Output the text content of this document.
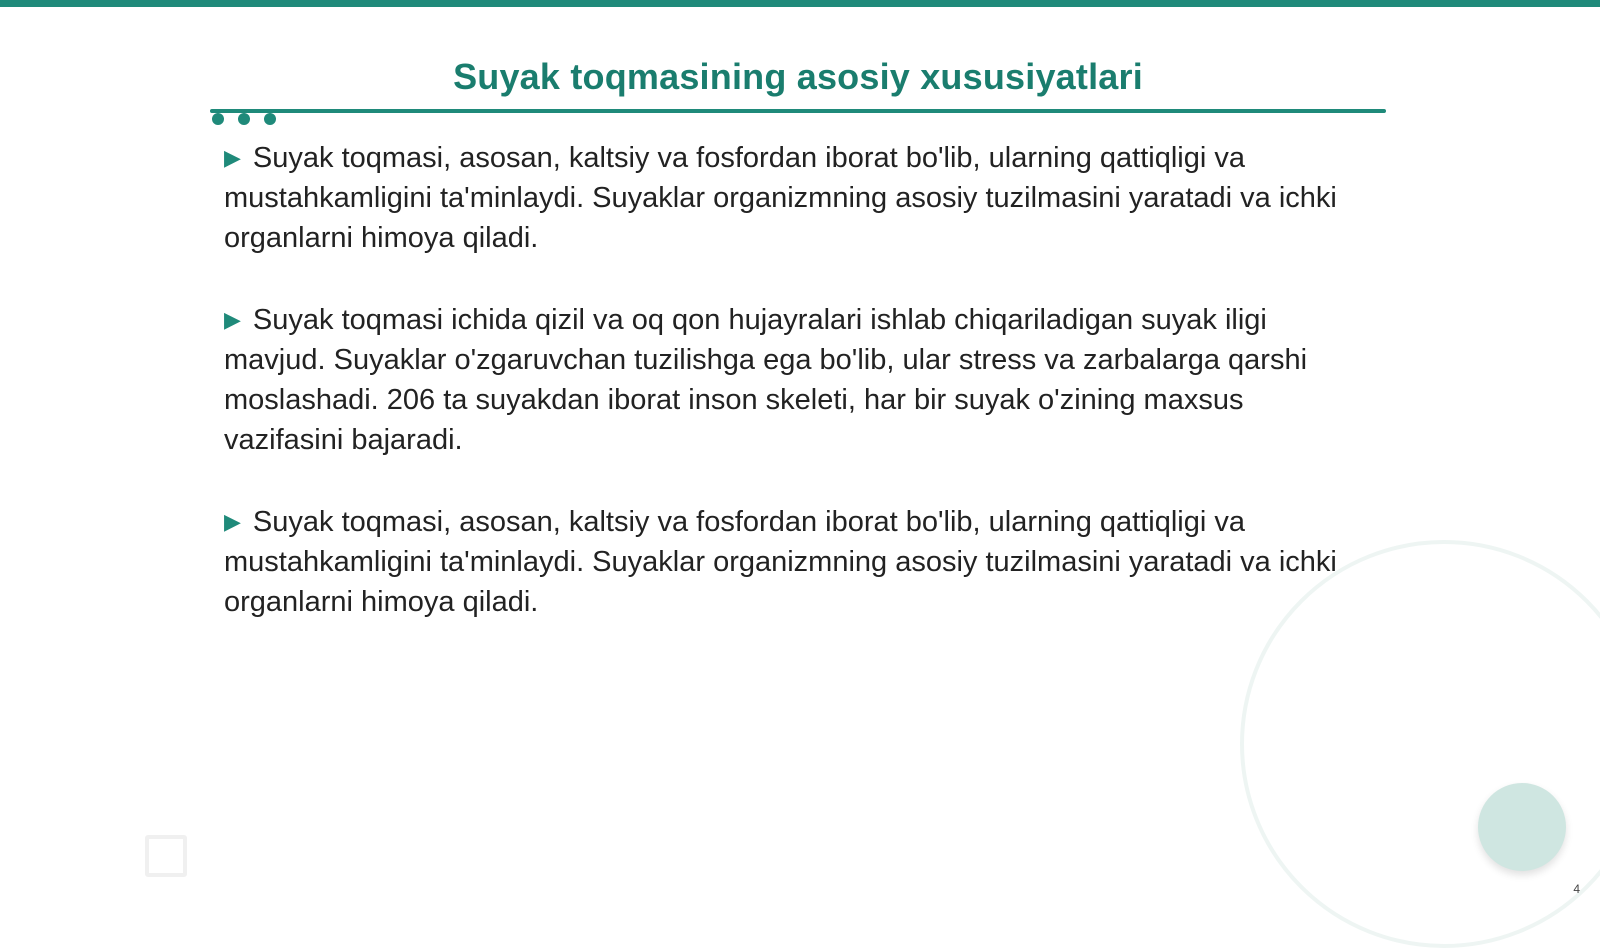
Suyak toqmasining asosiy xususiyatlari
▶ Suyak toqmasi, asosan, kaltsiy va fosfordan iborat bo'lib, ularning qattiqligi va mustahkamligini ta'minlaydi. Suyaklar organizmning asosiy tuzilmasini yaratadi va ichki organlarni himoya qiladi.
▶ Suyak toqmasi ichida qizil va oq qon hujayralari ishlab chiqariladigan suyak iligi mavjud. Suyaklar o'zgaruvchan tuzilishga ega bo'lib, ular stress va zarbalarga qarshi moslashadi. 206 ta suyakdan iborat inson skeleti, har bir suyak o'zining maxsus vazifasini bajaradi.
▶ Suyak toqmasi, asosan, kaltsiy va fosfordan iborat bo'lib, ularning qattiqligi va mustahkamligini ta'minlaydi. Suyaklar organizmning asosiy tuzilmasini yaratadi va ichki organlarni himoya qiladi.
4
